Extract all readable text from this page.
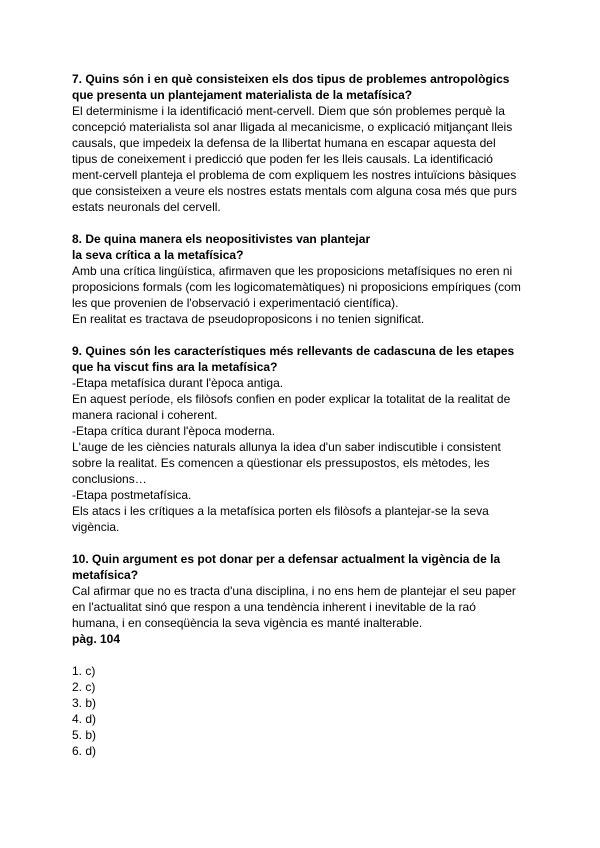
7. Quins són i en què consisteixen els dos tipus de problemes antropològics
que presenta un plantejament materialista de la metafísica?
El determinisme i la identificació ment-cervell. Diem que són problemes perquè la
concepció materialista sol anar lligada al mecanicisme, o explicació mitjançant lleis
causals, que impedeix la defensa de la llibertat humana en escapar aquesta del
tipus de coneixement i predicció que poden fer les lleis causals. La identificació
ment-cervell planteja el problema de com expliquem les nostres intuïcions bàsiques
que consisteixen a veure els nostres estats mentals com alguna cosa més que purs
estats neuronals del cervell.
8. De quina manera els neopositivistes van plantejar
la seva crítica a la metafísica?
Amb una crítica lingüística, afirmaven que les proposicions metafísiques no eren ni
proposicions formals (com les logicomatemàtiques) ni proposicions empíriques (com
les que provenien de l'observació i experimentació científica).
En realitat es tractava de pseudoproposicons i no tenien significat.
9. Quines són les característiques més rellevants de cadascuna de les etapes
que ha viscut fins ara la metafísica?
-Etapa metafísica durant l'època antiga.
En aquest període, els filòsofs confien en poder explicar la totalitat de la realitat de
manera racional i coherent.
-Etapa crítica durant l'època moderna.
L'auge de les ciències naturals allunya la idea d'un saber indiscutible i consistent
sobre la realitat. Es comencen a qüestionar els pressupostos, els mètodes, les
conclusions…
-Etapa postmetafísica.
Els atacs i les crítiques a la metafísica porten els filòsofs a plantejar-se la seva
vigència.
10. Quin argument es pot donar per a defensar actualment la vigència de la
metafísica?
Cal afirmar que no es tracta d'una disciplina, i no ens hem de plantejar el seu paper
en l'actualitat sinó que respon a una tendència inherent i inevitable de la raó
humana, i en conseqüència la seva vigència es manté inalterable.
pàg. 104
1. c)
2. c)
3. b)
4. d)
5. b)
6. d)
